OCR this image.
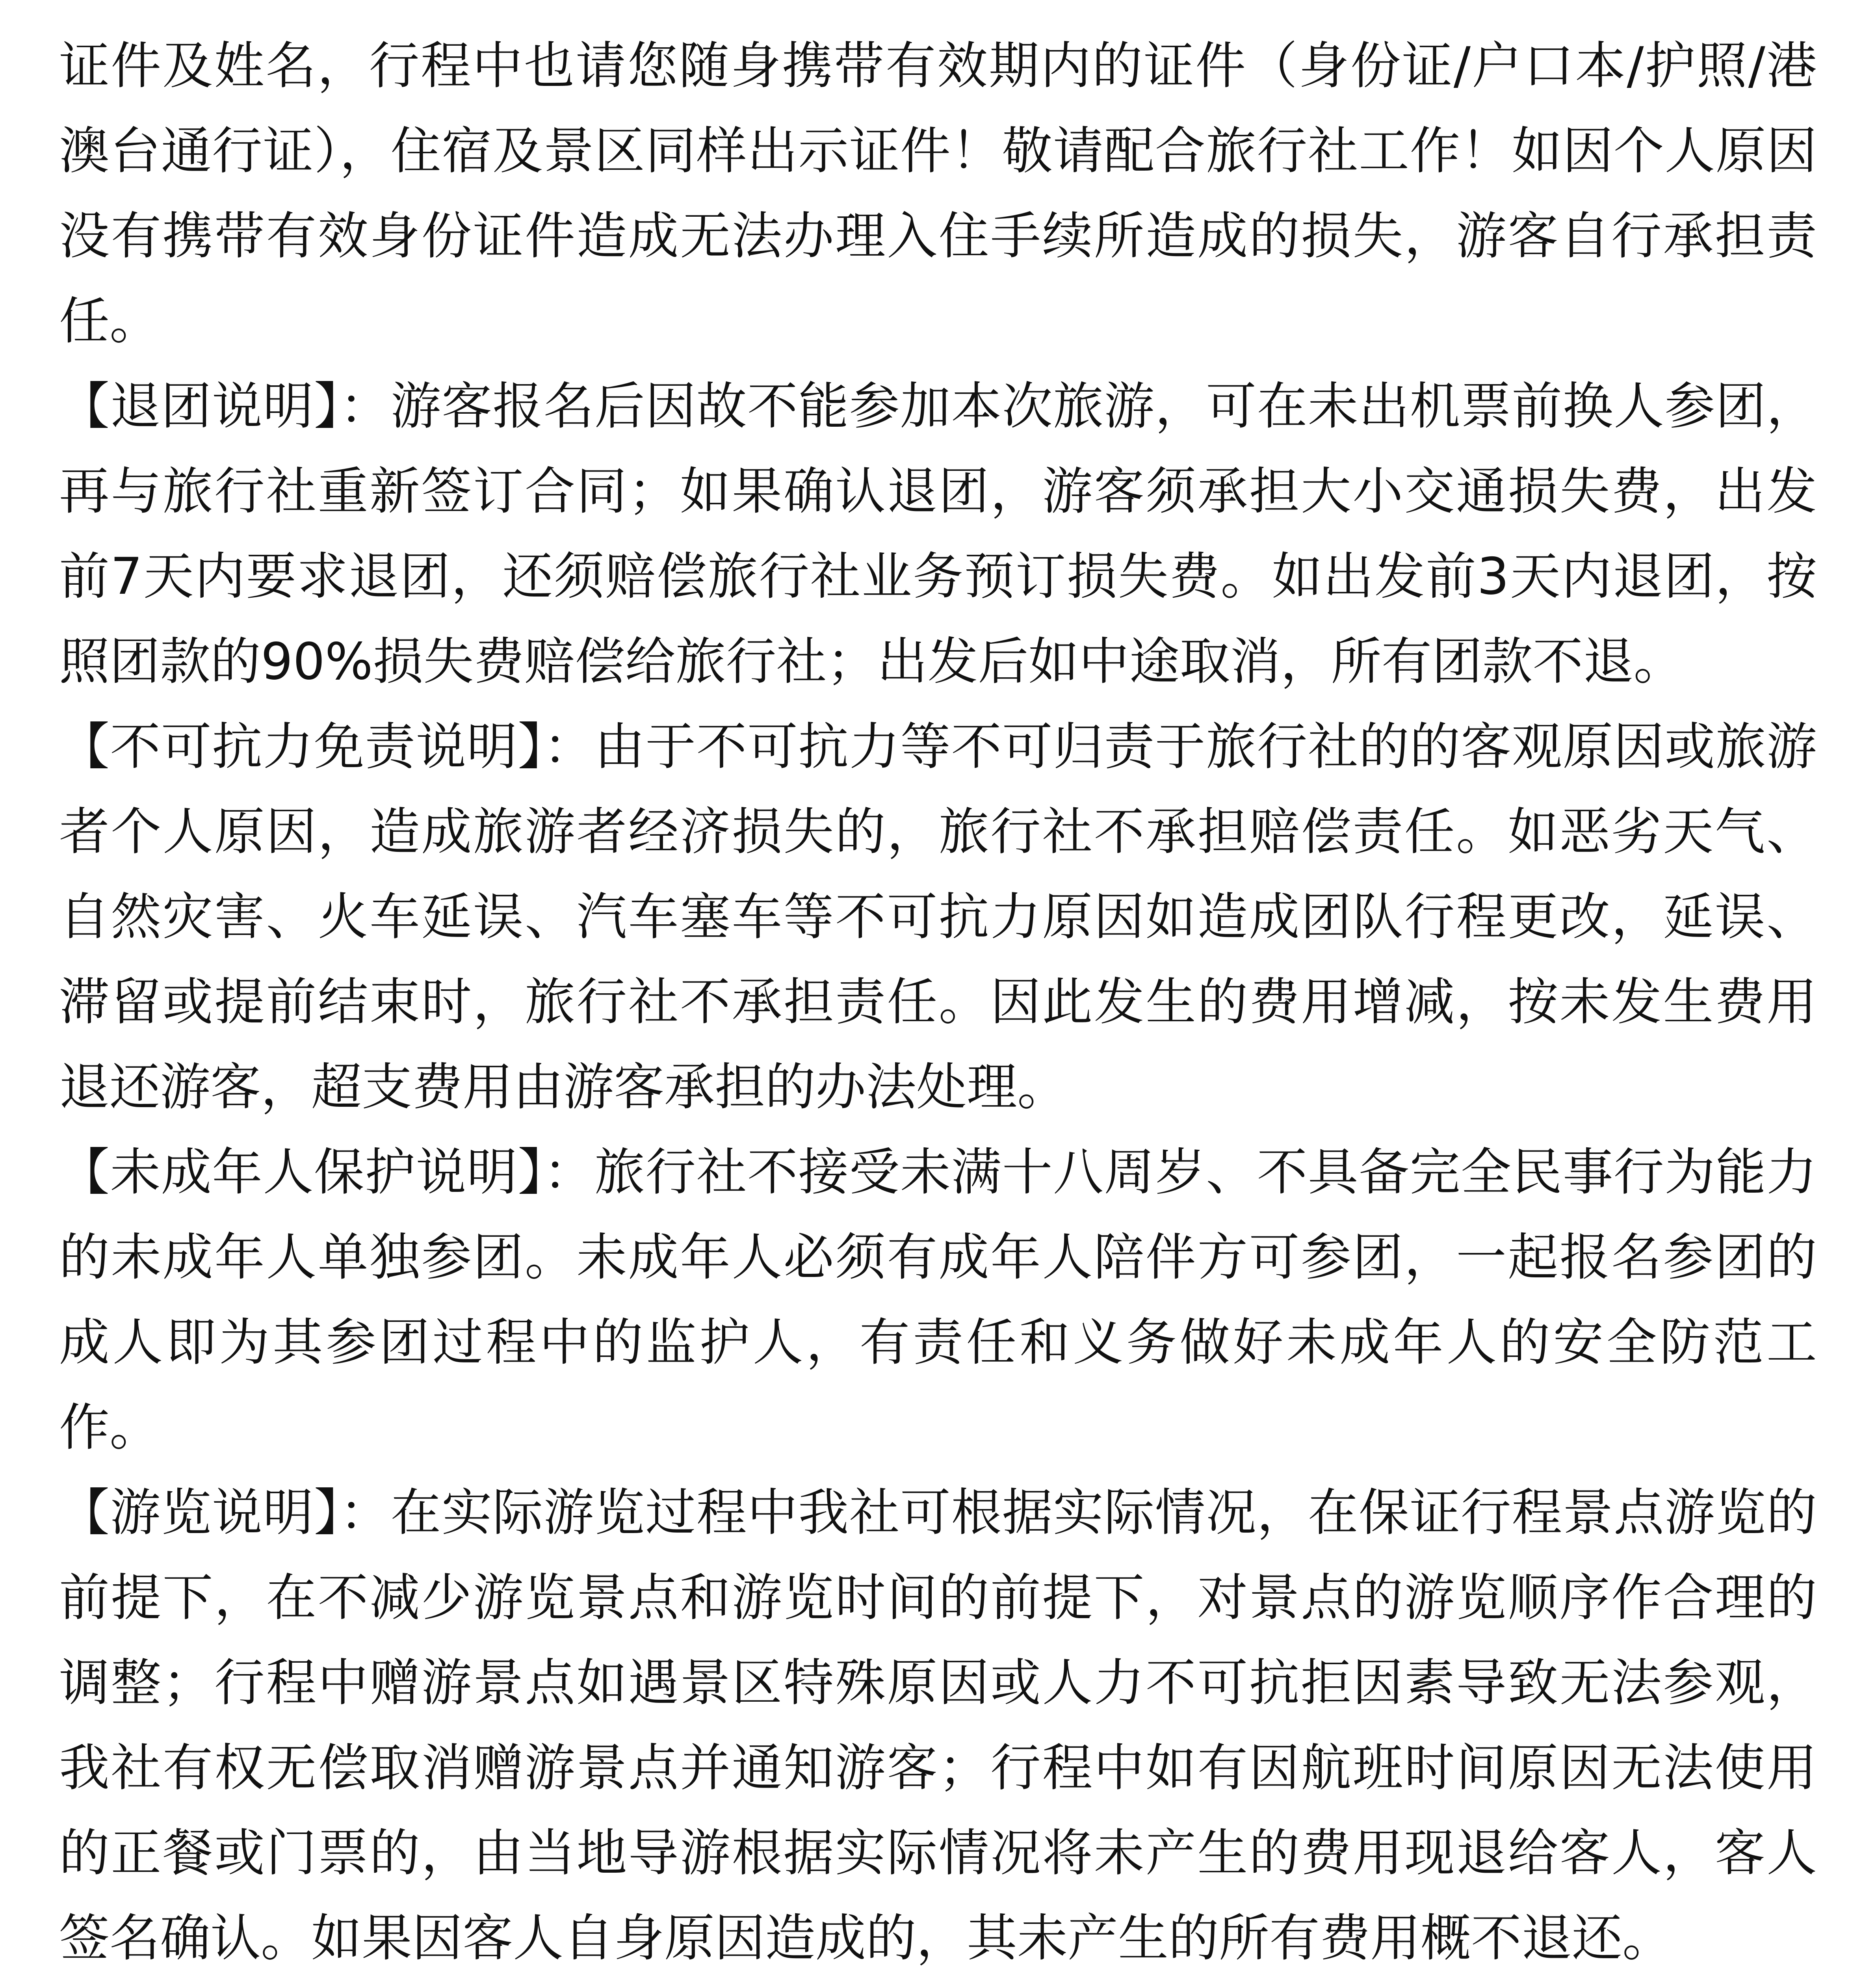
证件及姓名，行程中也请您随身携带有效期内的证件（身份证/户口本/护照/港澳台通行证），住宿及景区同样出示证件！敬请配合旅行社工作！如因个人原因没有携带有效身份证件造成无法办理入住手续所造成的损失，游客自行承担责任。

【退团说明】：游客报名后因故不能参加本次旅游，可在未出机票前换人参团，再与旅行社重新签订合同；如果确认退团，游客须承担大小交通损失费，出发前7天内要求退团，还须赔偿旅行社业务预订损失费。如出发前3天内退团，按照团款的90%损失费赔偿给旅行社；出发后如中途取消，所有团款不退。

【不可抗力免责说明】：由于不可抗力等不可归责于旅行社的的客观原因或旅游者个人原因，造成旅游者经济损失的，旅行社不承担赔偿责任。如恶劣天气、自然灾害、火车延误、汽车塞车等不可抗力原因如造成团队行程更改，延误、滞留或提前结束时，旅行社不承担责任。因此发生的费用增减，按未发生费用退还游客，超支费用由游客承担的办法处理。

【未成年人保护说明】：旅行社不接受未满十八周岁、不具备完全民事行为能力的未成年人单独参团。未成年人必须有成年人陪伴方可参团，一起报名参团的成人即为其参团过程中的监护人，有责任和义务做好未成年人的安全防范工作。

【游览说明】：在实际游览过程中我社可根据实际情况，在保证行程景点游览的前提下，在不减少游览景点和游览时间的前提下，对景点的游览顺序作合理的调整；行程中赠游景点如遇景区特殊原因或人力不可抗拒因素导致无法参观，我社有权无偿取消赠游景点并通知游客；行程中如有因航班时间原因无法使用的正餐或门票的，由当地导游根据实际情况将未产生的费用现退给客人，客人签名确认。如果因客人自身原因造成的，其未产生的所有费用概不退还。
